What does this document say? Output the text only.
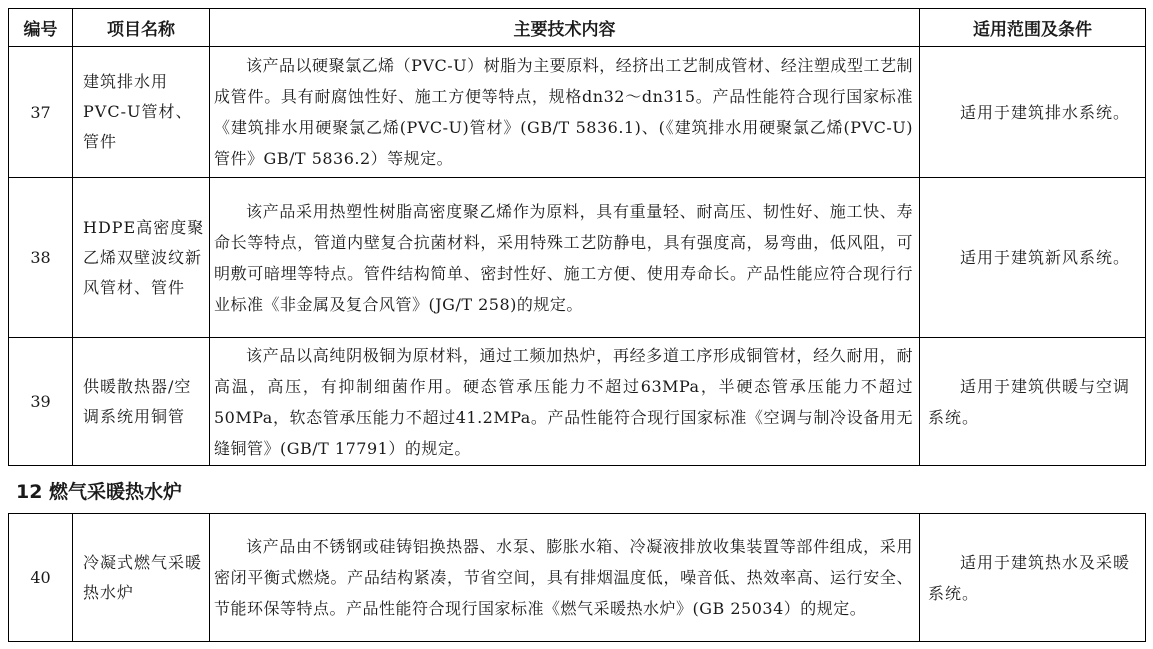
编号	项目名称	主要技术内容	适用范围及条件
37	建筑排水用PVC-U管材、管件	该产品以硬聚氯乙烯（PVC-U）树脂为主要原料，经挤出工艺制成管材、经注塑成型工艺制成管件。具有耐腐蚀性好、施工方便等特点，规格dn32～dn315。产品性能符合现行国家标准《建筑排水用硬聚氯乙烯(PVC-U)管材》(GB/T 5836.1)、(《建筑排水用硬聚氯乙烯(PVC-U)管件》GB/T 5836.2）等规定。	适用于建筑排水系统。
38	HDPE高密度聚乙烯双壁波纹新风管材、管件	该产品采用热塑性树脂高密度聚乙烯作为原料，具有重量轻、耐高压、韧性好、施工快、寿命长等特点，管道内壁复合抗菌材料，采用特殊工艺防静电，具有强度高，易弯曲，低风阻，可明敷可暗埋等特点。管件结构简单、密封性好、施工方便、使用寿命长。产品性能应符合现行行业标准《非金属及复合风管》(JG/T 258)的规定。	适用于建筑新风系统。
39	供暖散热器/空调系统用铜管	该产品以高纯阴极铜为原材料，通过工频加热炉，再经多道工序形成铜管材，经久耐用，耐高温，高压，有抑制细菌作用。硬态管承压能力不超过63MPa，半硬态管承压能力不超过50MPa，软态管承压能力不超过41.2MPa。产品性能符合现行国家标准《空调与制冷设备用无缝铜管》(GB/T 17791）的规定。	适用于建筑供暖与空调系统。
12 燃气采暖热水炉
40	冷凝式燃气采暖热水炉	该产品由不锈钢或硅铸铝换热器、水泵、膨胀水箱、冷凝液排放收集装置等部件组成，采用密闭平衡式燃烧。产品结构紧凑，节省空间，具有排烟温度低，噪音低、热效率高、运行安全、节能环保等特点。产品性能符合现行国家标准《燃气采暖热水炉》(GB 25034）的规定。	适用于建筑热水及采暖系统。
